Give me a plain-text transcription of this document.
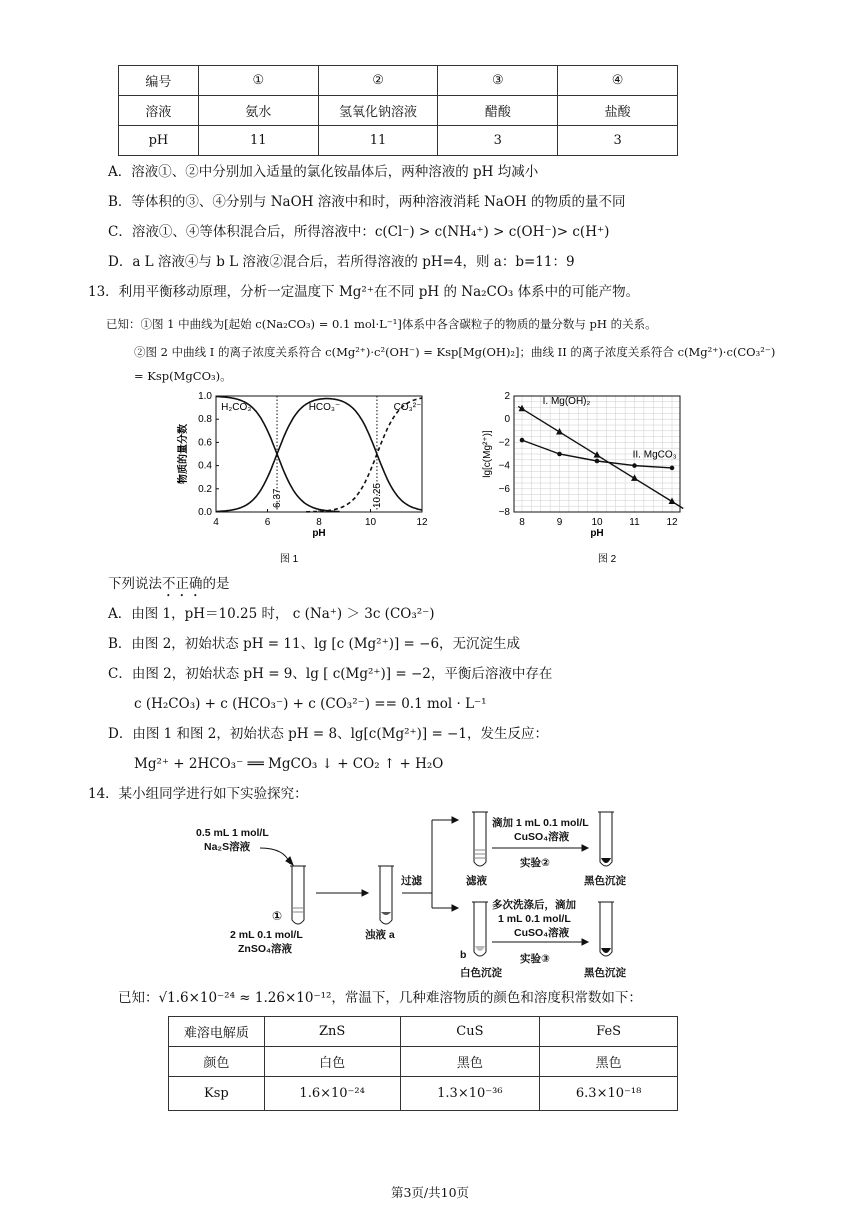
编号	①	②	③	④
溶液	氨水	氢氧化钠溶液	醋酸	盐酸
pH	11	11	3	3
A．溶液①、②中分别加入适量的氯化铵晶体后，两种溶液的 pH 均减小
B．等体积的③、④分别与 NaOH 溶液中和时，两种溶液消耗 NaOH 的物质的量不同
C．溶液①、④等体积混合后，所得溶液中：c(Cl⁻) > c(NH₄⁺) > c(OH⁻)> c(H⁺)
D．a L 溶液④与 b L 溶液②混合后，若所得溶液的 pH=4，则 a：b=11：9
13．利用平衡移动原理，分析一定温度下 Mg²⁺在不同 pH 的 Na₂CO₃ 体系中的可能产物。
已知：①图 1 中曲线为[起始 c(Na₂CO₃) = 0.1 mol·L⁻¹]体系中各含碳粒子的物质的量分数与 pH 的关系。
②图 2 中曲线 I 的离子浓度关系符合 c(Mg²⁺)·c²(OH⁻) = Ksp[Mg(OH)₂]；曲线 II 的离子浓度关系符合 c(Mg²⁺)·c(CO₃²⁻)
= Ksp(MgCO₃)。
4	6	8	10	12
0.0
0.2
0.4
0.6
0.8
1.0
pH
物质的量分数
6.37	10.25
H₂CO₃	HCO₃⁻	CO₃²⁻
图 1
8	9	10	11	12
2
0
−2
−4
−6
−8
pH
lg[c(Mg²⁺)]
I. Mg(OH)₂
II. MgCO₃
图 2
下列说法不正确的是
A．由图 1，pH＝10.25 时， c (Na⁺) ＞ 3c (CO₃²⁻)
B．由图 2，初始状态 pH = 11、lg [c (Mg²⁺)] = −6，无沉淀生成
C．由图 2，初始状态 pH = 9、lg [ c(Mg²⁺)] = −2，平衡后溶液中存在
c (H₂CO₃) + c (HCO₃⁻) + c (CO₃²⁻) == 0.1 mol · L⁻¹
D．由图 1 和图 2，初始状态 pH = 8、lg[c(Mg²⁺)] = −1，发生反应：
Mg²⁺ + 2HCO₃⁻ ══ MgCO₃ ↓ + CO₂ ↑ + H₂O
14．某小组同学进行如下实验探究：
0.5 mL 1 mol/L
Na₂S溶液
①
2 mL 0.1 mol/L
ZnSO₄溶液
浊液 a
过滤	滤液
滴加 1 mL 0.1 mol/L
CuSO₄溶液
实验②
黑色沉淀
b
白色沉淀
多次洗涤后，滴加
1 mL 0.1 mol/L
CuSO₄溶液
实验③
黑色沉淀
已知：√1.6×10⁻²⁴ ≈ 1.26×10⁻¹²，常温下，几种难溶物质的颜色和溶度积常数如下：
难溶电解质	ZnS	CuS	FeS
颜色	白色	黑色	黑色
Ksp	1.6×10⁻²⁴	1.3×10⁻³⁶	6.3×10⁻¹⁸
第3页/共10页
